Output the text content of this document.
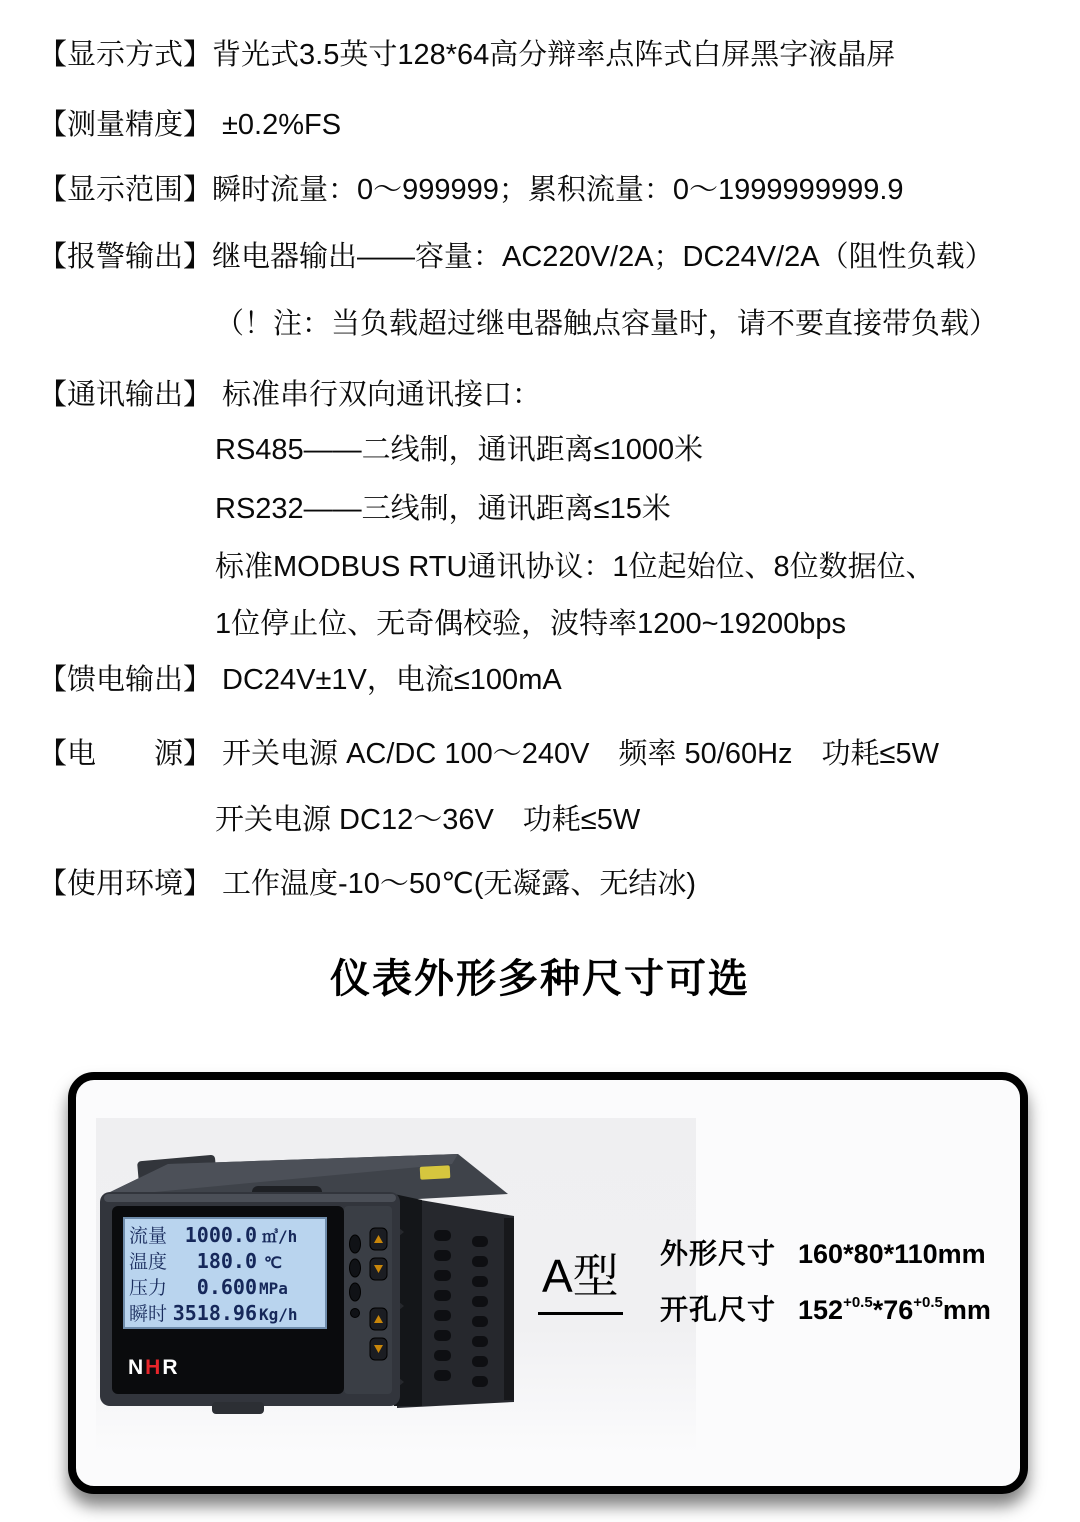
【显示方式】 背光式3.5英寸128*64高分辩率点阵式白屏黑字液晶屏
【测量精度】 ±0.2%FS
【显示范围】 瞬时流量：0～999999；累积流量：0～1999999999.9
【报警输出】 继电器输出——容量：AC220V/2A；DC24V/2A（阻性负载）
（！注：当负载超过继电器触点容量时，请不要直接带负载）
【通讯输出】 标准串行双向通讯接口：
RS485——二线制，通讯距离≤1000米
RS232——三线制，通讯距离≤15米
标准MODBUS RTU通讯协议：1位起始位、8位数据位、
1位停止位、无奇偶校验，波特率1200~19200bps
【馈电输出】 DC24V±1V，电流≤100mA
【电　　源】 开关电源 AC/DC 100～240V　频率 50/60Hz　功耗≤5W
开关电源 DC12～36V　功耗≤5W
【使用环境】 工作温度-10～50℃(无凝露、无结冰)
仪表外形多种尺寸可选
流量 1000.0 ㎥/h
温度 180.0 ℃
压力 0.600 MPa
瞬时 3518.96 Kg/h
NHR
A型 外形尺寸 160*80*110mm
开孔尺寸 $152^{+0.5}*76^{+0.5}mm$
